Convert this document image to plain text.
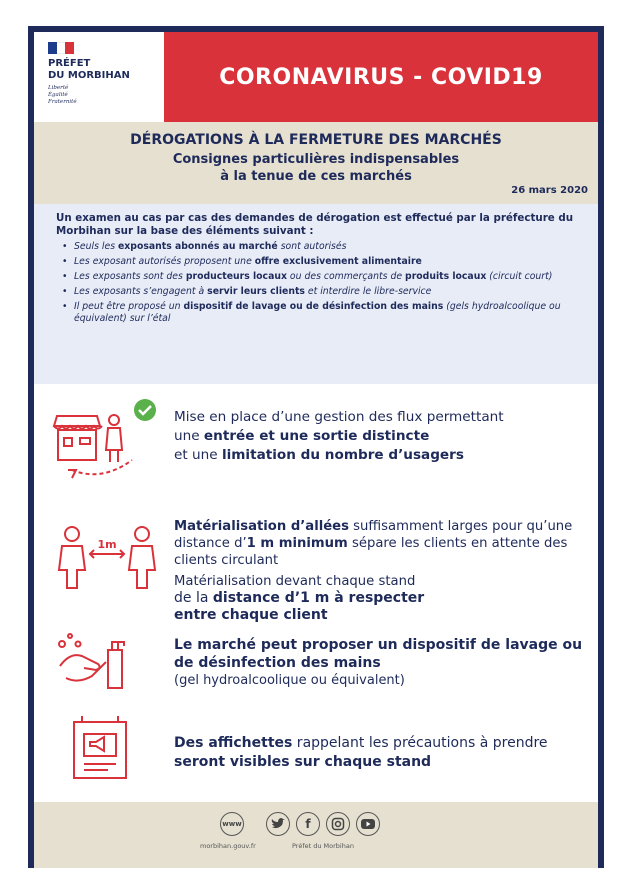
PRÉFET
DU MORBIHAN
Liberté
Égalité
Fraternité
CORONAVIRUS - COVID19
DÉROGATIONS À LA FERMETURE DES MARCHÉS
Consignes particulières indispensables
à la tenue de ces marchés
26 mars 2020
Un examen au cas par cas des demandes de dérogation est effectué par la préfecture du Morbihan sur la base des éléments suivant :
• Seuls les exposants abonnés au marché sont autorisés
• Les exposant autorisés proposent une offre exclusivement alimentaire
• Les exposants sont des producteurs locaux ou des commerçants de produits locaux (circuit court)
• Les exposants s’engagent à servir leurs clients et interdire le libre-service
• Il peut être proposé un dispositif de lavage ou de désinfection des mains (gels hydroalcoolique ou équivalent) sur l’étal
Mise en place d’une gestion des flux permettant
une entrée et une sortie distincte
et une limitation du nombre d’usagers
1m
Matérialisation d’allées suffisamment larges pour qu’une distance d’1 m minimum sépare les clients en attente des clients circulant
Matérialisation devant chaque stand
de la distance d’1 m à respecter
entre chaque client
Le marché peut proposer un dispositif de lavage ou de désinfection des mains
(gel hydroalcoolique ou équivalent)
Des affichettes rappelant les précautions à prendre seront visibles sur chaque stand
www
morbihan.gouv.fr
f
Préfet du Morbihan
